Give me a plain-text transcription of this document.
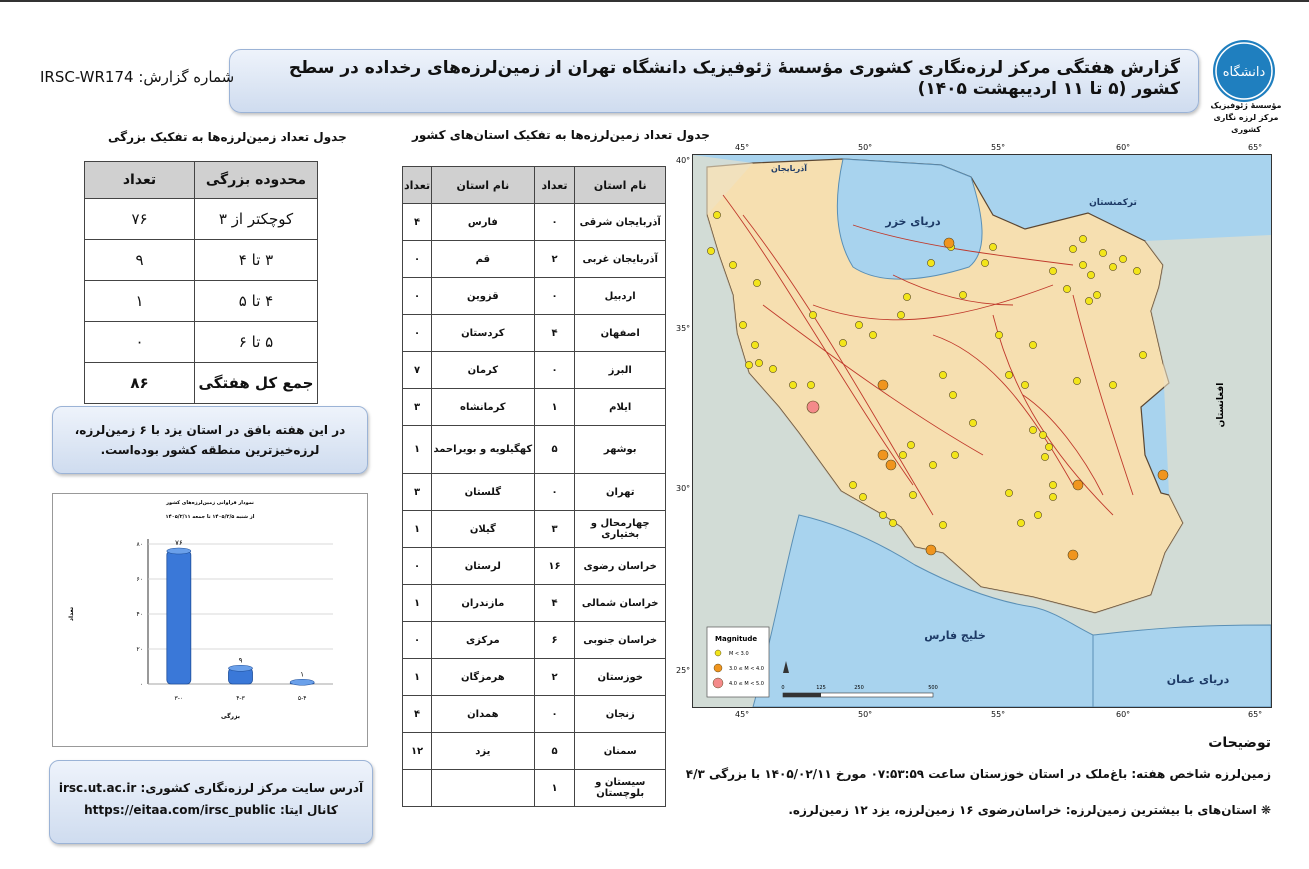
گزارش هفتگی مرکز لرزه‌نگاری کشوری مؤسسهٔ ژئوفیزیک دانشگاه تهران از زمین‌لرزه‌های رخداده در سطح کشور (۵ تا ۱۱ اردیبهشت ۱۴۰۵)
شماره گزارش: IRSC-WR174	دانشگاه
مؤسسهٔ ژئوفیزیک
مرکز لرزه نگاری کشوری
جدول تعداد زمین‌لرزه‌ها به تفکیک بزرگی
محدوده بزرگی	تعداد
کوچکتر از ۳	۷۶
۳ تا ۴	۹
۴ تا ۵	۱
۵ تا ۶	۰
جمع کل هفتگی	۸۶
در این هفته بافق در استان یزد با ۶ زمین‌لرزه، لرزه‌خیزترین منطقه کشور بوده‌است.
نمودار فراوانی زمین‌لرزه‌های کشور
از شنبه ۱۴۰۵/۲/۵ تا جمعه ۱۴۰۵/۲/۱۱
۰
۲۰
۴۰
۶۰
۸۰
تعداد
بزرگی
۷۶
۳-۰
۹
۴-۳
۱
۵-۴
آدرس سایت مرکز لرزه‌نگاری کشوری: irsc.ut.ac.ir
کانال ایتا: https://eitaa.com/irsc_public
جدول تعداد زمین‌لرزه‌ها به تفکیک استان‌های کشور
نام استان	تعداد	نام استان	تعداد
آذربایجان شرقی	۰	فارس	۴
آذربایجان غربی	۲	قم	۰
اردبیل	۰	قزوین	۰
اصفهان	۴	کردستان	۰
البرز	۰	کرمان	۷
ایلام	۱	کرمانشاه	۳
بوشهر	۵	کهگیلویه و بویراحمد	۱
تهران	۰	گلستان	۳
چهارمحال و بختیاری	۳	گیلان	۱
خراسان رضوی	۱۶	لرستان	۰
خراسان شمالی	۴	مازندران	۱
خراسان جنوبی	۶	مرکزی	۰
خوزستان	۲	هرمزگان	۱
زنجان	۰	همدان	۴
سمنان	۵	یزد	۱۲
سیستان و بلوچستان	۱		
دریای خزر
خلیج فارس
دریای عمان
ترکمنستان
آذربایجان
افغانستان
Magnitude
M < 3.0
3.0 ≤ M < 4.0
4.0 ≤ M < 5.0
0	125	250	500
45°	50°	55°	60°	65°
45°	50°	55°	60°	65°
40°
35°
30°
25°
توضیحات
زمین‌لرزه شاخص هفته: باغ‌ملک در استان خوزستان ساعت ۰۷:۵۳:۵۹ مورخ ۱۴۰۵/۰۲/۱۱ با بزرگی ۴/۳
❋ استان‌های با بیشترین زمین‌لرزه: خراسان‌رضوی ۱۶ زمین‌لرزه، یزد ۱۲ زمین‌لرزه.
